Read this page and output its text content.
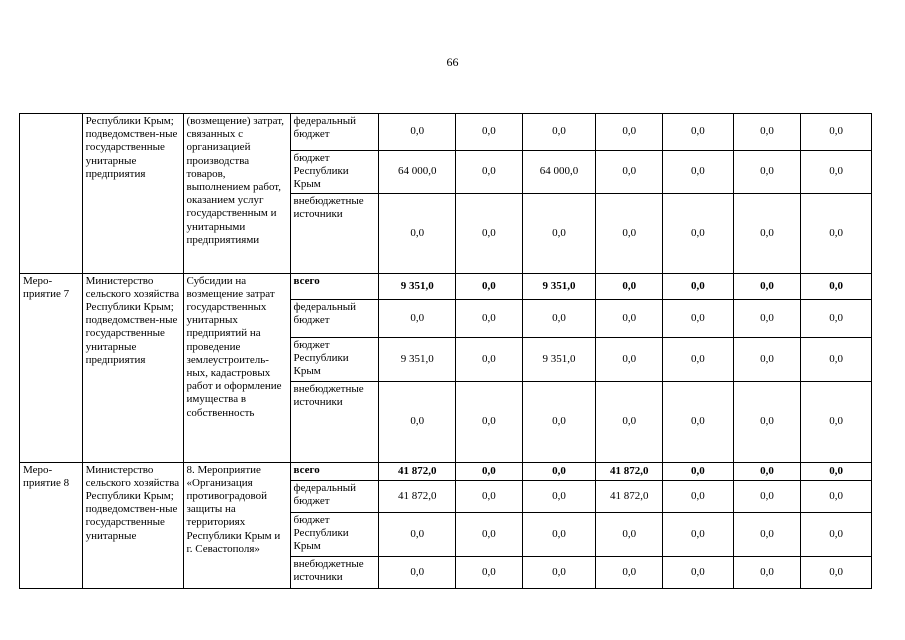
66
	Республики Крым; подведомствен-ные государственные унитарные предприятия	(возмещение) затрат, связанных с организацией производства товаров, выполнением работ, оказанием услуг государственным и унитарными предприятиями	федеральный бюджет	0,0	0,0	0,0	0,0	0,0	0,0	0,0
			бюджет Республики Крым	64 000,0	0,0	64 000,0	0,0	0,0	0,0	0,0
			внебюджетные источники	0,0	0,0	0,0	0,0	0,0	0,0	0,0
Меро-приятие 7	Министерство сельского хозяйства Республики Крым; подведомствен-ные государственные унитарные предприятия	Субсидии на возмещение затрат государственных унитарных предприятий на проведение землеустроитель-ных, кадастровых работ и оформление имущества в собственность	всего	9 351,0	0,0	9 351,0	0,0	0,0	0,0	0,0
			федеральный бюджет	0,0	0,0	0,0	0,0	0,0	0,0	0,0
			бюджет Республики Крым	9 351,0	0,0	9 351,0	0,0	0,0	0,0	0,0
			внебюджетные источники	0,0	0,0	0,0	0,0	0,0	0,0	0,0
Меро-приятие 8	Министерство сельского хозяйства Республики Крым; подведомствен-ные государственные унитарные	8. Мероприятие «Организация противоградовой защиты на территориях Республики Крым и г. Севастополя»	всего	41 872,0	0,0	0,0	41 872,0	0,0	0,0	0,0
			федеральный бюджет	41 872,0	0,0	0,0	41 872,0	0,0	0,0	0,0
			бюджет Республики Крым	0,0	0,0	0,0	0,0	0,0	0,0	0,0
			внебюджетные источники	0,0	0,0	0,0	0,0	0,0	0,0	0,0
